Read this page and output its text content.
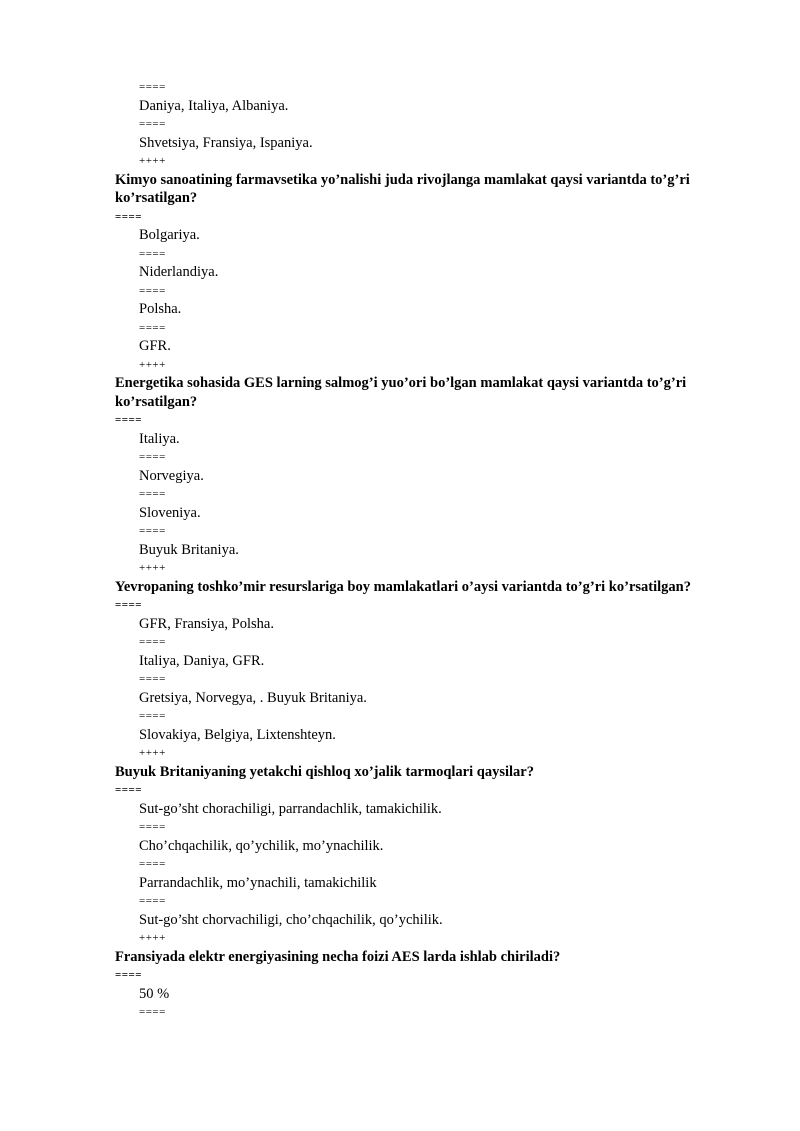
====
Daniya, Italiya, Albaniya.
====
Shvetsiya, Fransiya, Ispaniya.
++++
Kimyo sanoatining farmavsetika yo’nalishi juda rivojlanga mamlakat qaysi variantda to’g’ri ko’rsatilgan?
====
Bolgariya.
====
Niderlandiya.
====
Polsha.
====
GFR.
++++
Energetika sohasida GES larning salmog’i yuo’ori bo’lgan mamlakat qaysi variantda to’g’ri ko’rsatilgan?
====
Italiya.
====
Norvegiya.
====
Sloveniya.
====
Buyuk Britaniya.
++++
Yevropaning toshko’mir resurslariga boy mamlakatlari o’aysi variantda to’g’ri ko’rsatilgan?
====
GFR, Fransiya, Polsha.
====
Italiya, Daniya, GFR.
====
Gretsiya, Norvegya, . Buyuk Britaniya.
====
Slovakiya, Belgiya, Lixtenshteyn.
++++
Buyuk Britaniyaning yetakchi qishloq xo’jalik tarmoqlari qaysilar?
====
Sut-go’sht chorachiligi, parrandachlik, tamakichilik.
====
Cho’chqachilik, qo’ychilik, mo’ynachilik.
====
Parrandachlik, mo’ynachili, tamakichilik
====
Sut-go’sht chorvachiligi, cho’chqachilik, qo’ychilik.
++++
Fransiyada elektr energiyasining necha foizi AES larda ishlab chiriladi?
====
50 %
====
